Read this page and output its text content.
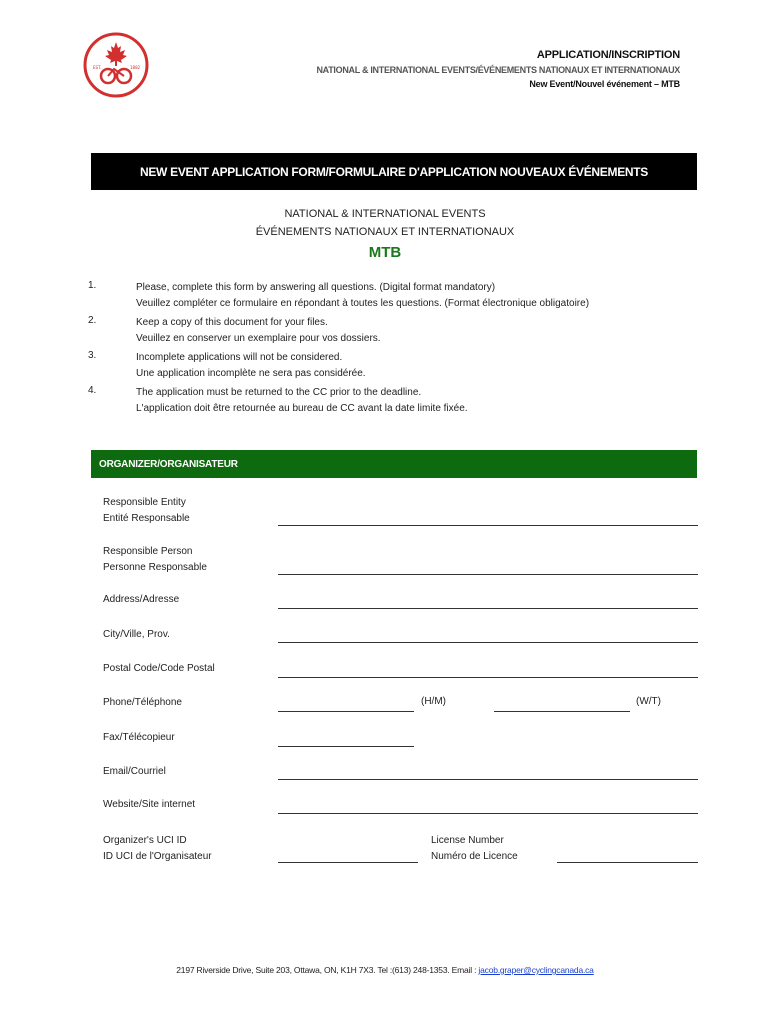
EST.	1882
APPLICATION/INSCRIPTION
NATIONAL & INTERNATIONAL EVENTS/ÉVÉNEMENTS NATIONAUX ET INTERNATIONAUX
New Event/Nouvel événement – MTB
NEW EVENT APPLICATION FORM/FORMULAIRE D'APPLICATION NOUVEAUX ÉVÉNEMENTS
NATIONAL & INTERNATIONAL EVENTS
ÉVÉNEMENTS NATIONAUX ET INTERNATIONAUX
MTB
1.	Please, complete this form by answering all questions. (Digital format mandatory)
Veuillez compléter ce formulaire en répondant à toutes les questions. (Format électronique obligatoire)
2.	Keep a copy of this document for your files.
Veuillez en conserver un exemplaire pour vos dossiers.
3.	Incomplete applications will not be considered.
Une application incomplète ne sera pas considérée.
4.	The application must be returned to the CC prior to the deadline.
L'application doit être retournée au bureau de CC avant la date limite fixée.
ORGANIZER/ORGANISATEUR
Responsible Entity
Entité Responsable
Responsible Person
Personne Responsable
Address/Adresse
City/Ville, Prov.
Postal Code/Code Postal
Phone/Téléphone	(H/M)	(W/T)
Fax/Télécopieur
Email/Courriel
Website/Site internet
Organizer's UCI ID
ID UCI de l'Organisateur
License Number
Numéro de Licence
2197 Riverside Drive, Suite 203, Ottawa, ON, K1H 7X3. Tel :(613) 248-1353. Email : jacob.graper@cyclingcanada.ca
